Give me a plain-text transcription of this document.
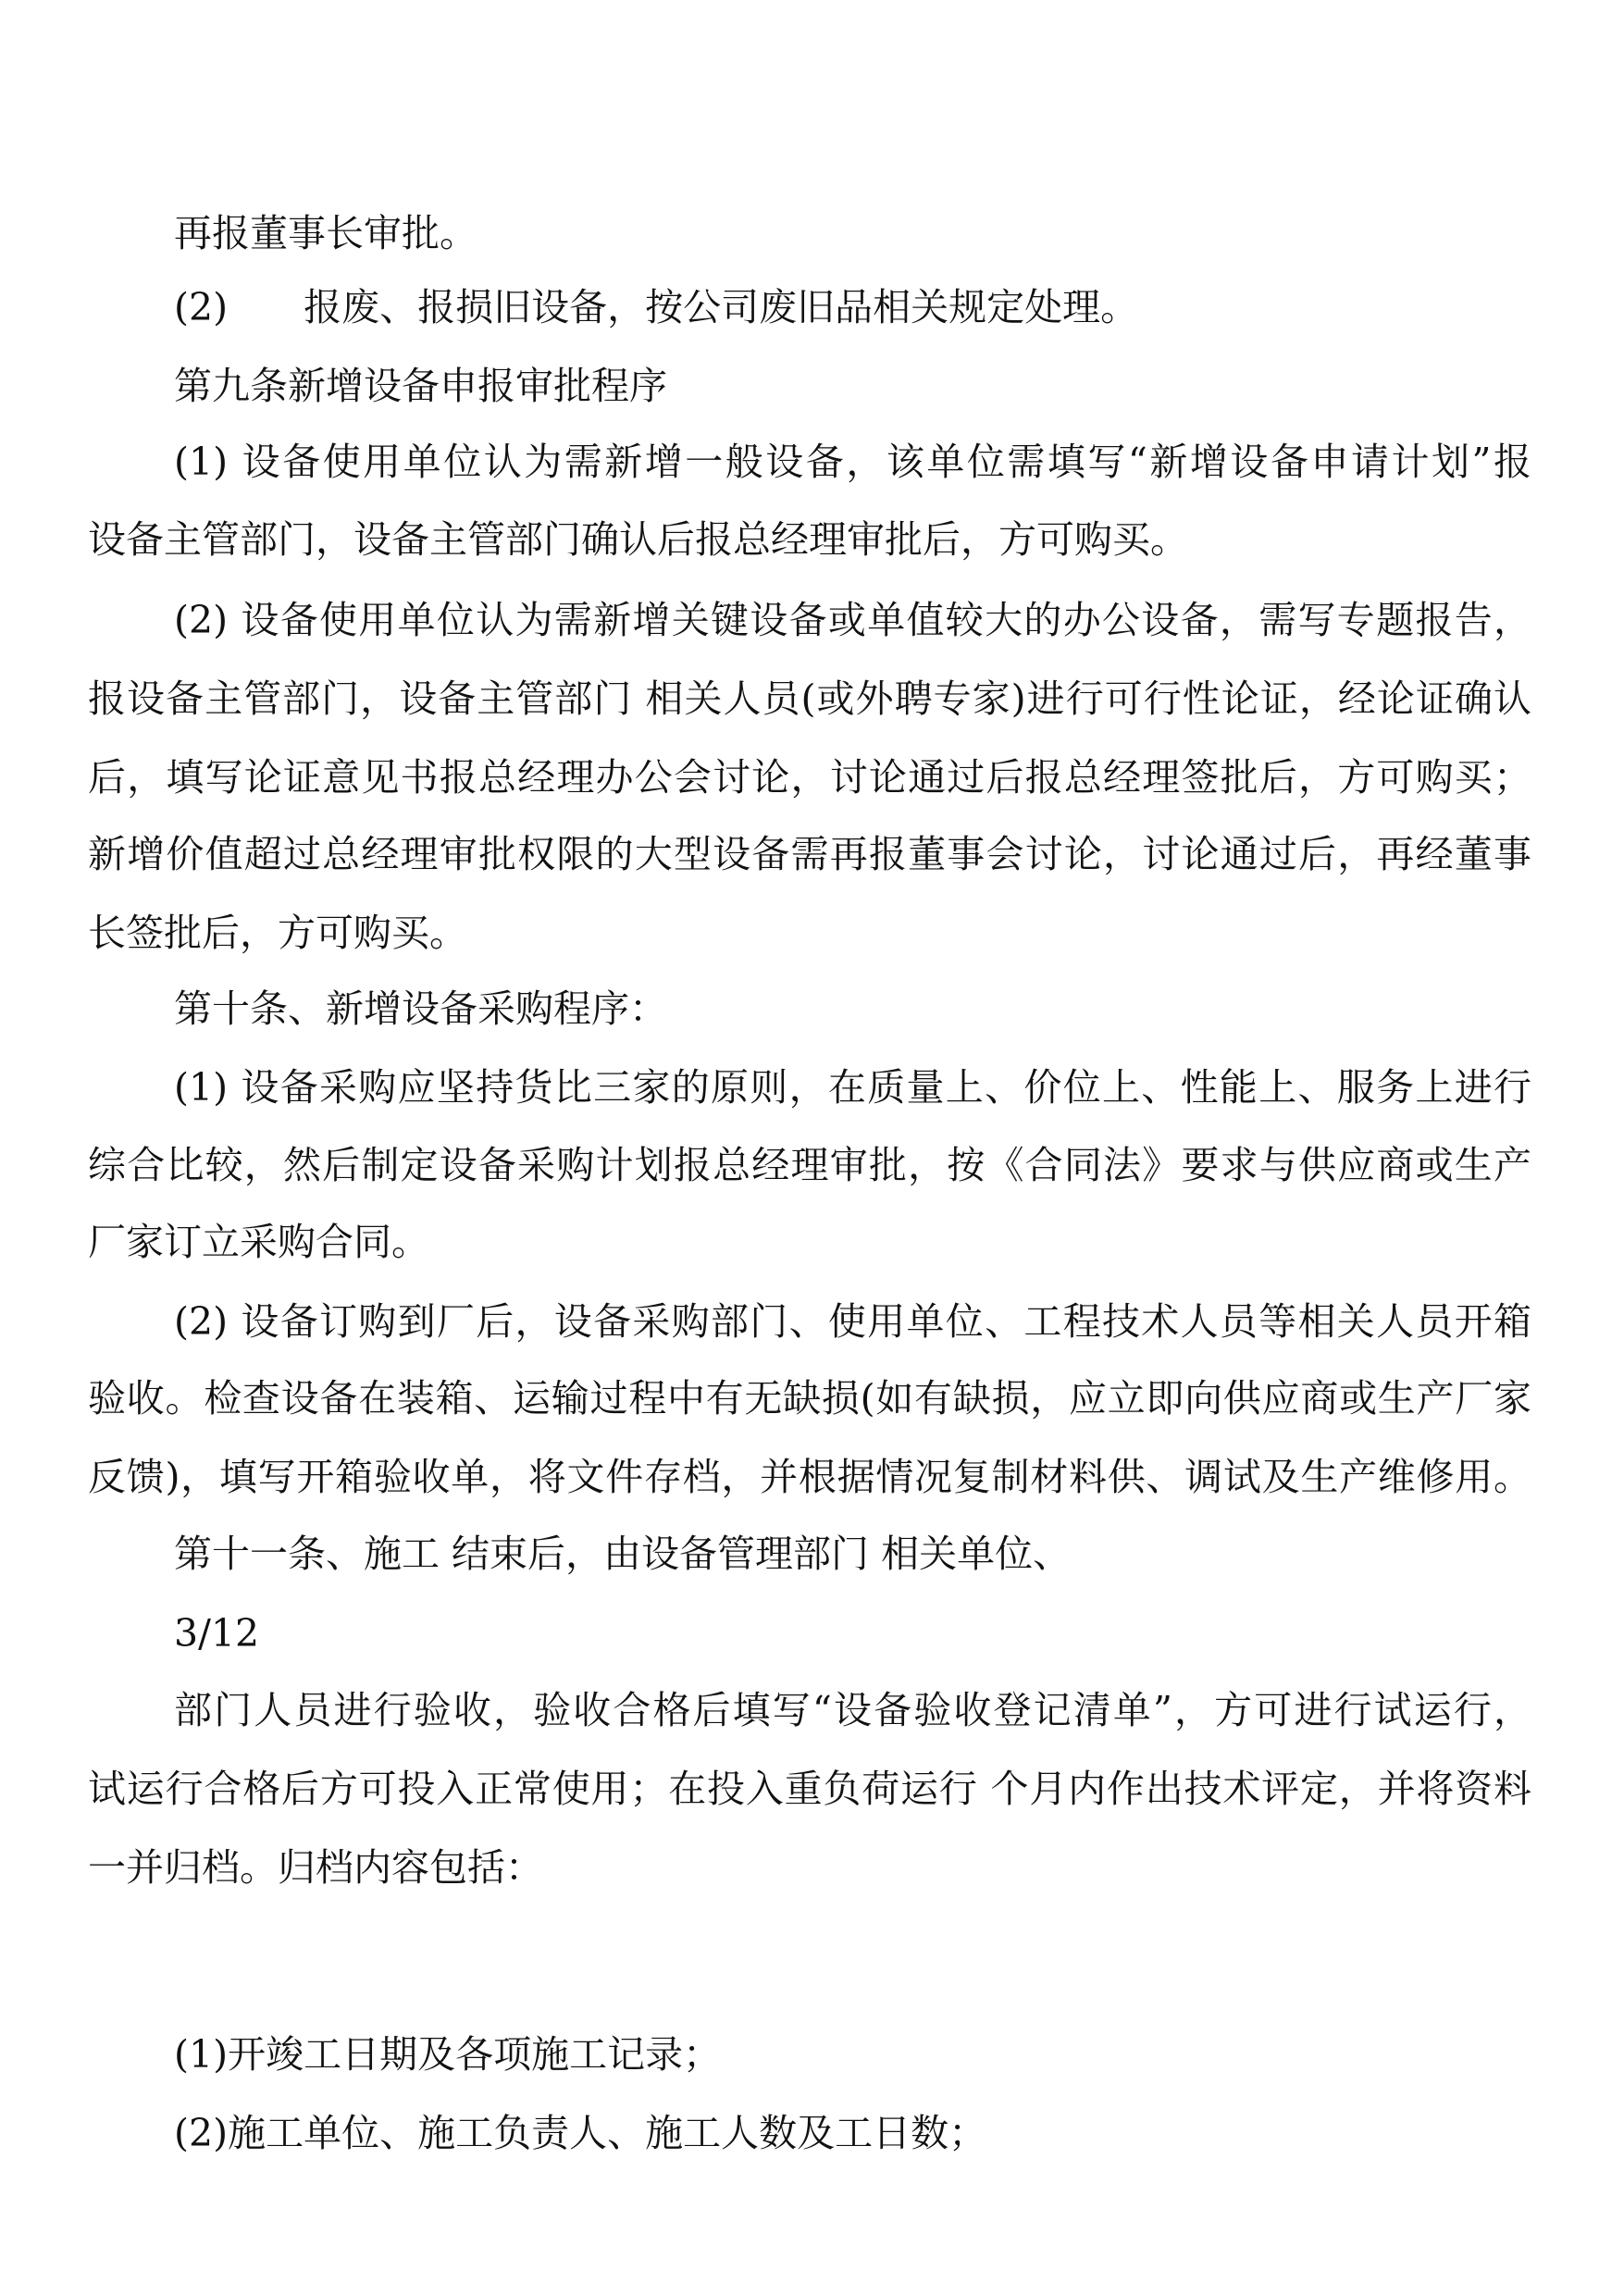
再报董事长审批。
(2)　　报废、报损旧设备，按公司废旧品相关规定处理。
第九条新增设备申报审批程序
(1) 设备使用单位认为需新增一般设备，该单位需填写“新增设备申请计划”报
设备主管部门，设备主管部门确认后报总经理审批后，方可购买。
(2) 设备使用单位认为需新增关键设备或单值较大的办公设备，需写专题报告，
报设备主管部门，设备主管部门 相关人员(或外聘专家)进行可行性论证，经论证确认
后，填写论证意见书报总经理办公会讨论，讨论通过后报总经理签批后，方可购买；
新增价值超过总经理审批权限的大型设备需再报董事会讨论，讨论通过后，再经董事
长签批后，方可购买。
第十条、新增设备采购程序：
(1) 设备采购应坚持货比三家的原则，在质量上、价位上、性能上、服务上进行
综合比较，然后制定设备采购计划报总经理审批，按《合同法》要求与供应商或生产
厂家订立采购合同。
(2) 设备订购到厂后，设备采购部门、使用单位、工程技术人员等相关人员开箱
验收。检查设备在装箱、运输过程中有无缺损(如有缺损，应立即向供应商或生产厂家
反馈)，填写开箱验收单，将文件存档，并根据情况复制材料供、调试及生产维修用。
第十一条、施工 结束后，由设备管理部门 相关单位、
3/12
部门人员进行验收，验收合格后填写“设备验收登记清单”，方可进行试运行，
试运行合格后方可投入正常使用；在投入重负荷运行 个月内作出技术评定，并将资料
一并归档。归档内容包括：
(1)开竣工日期及各项施工记录；
(2)施工单位、施工负责人、施工人数及工日数；
